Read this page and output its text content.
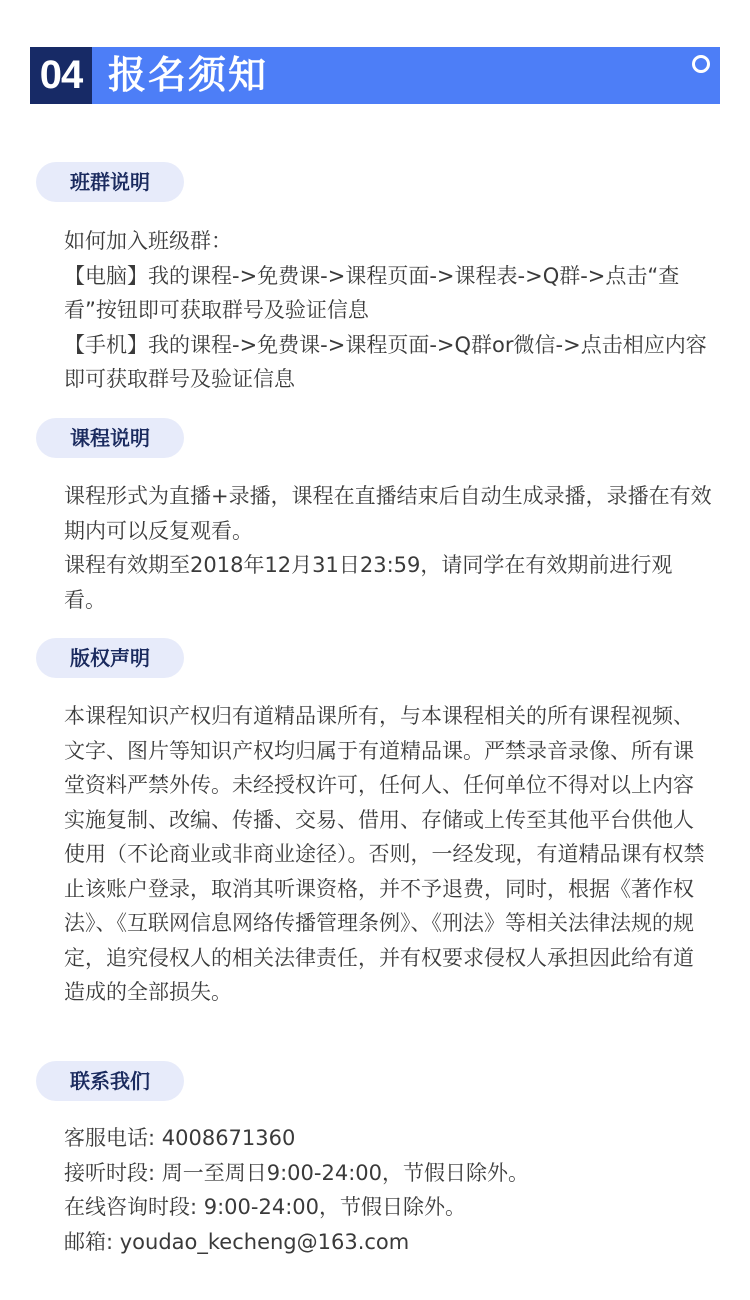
04 报名须知
班群说明

如何加入班级群：

【电脑】我的课程->免费课->课程页面->课程表->Q群->点击“查看”按钮即可获取群号及验证信息

【手机】我的课程->免费课->课程页面->Q群or微信->点击相应内容即可获取群号及验证信息

课程说明

课程形式为直播+录播，课程在直播结束后自动生成录播，录播在有效期内可以反复观看。

课程有效期至2018年12月31日23:59，请同学在有效期前进行观看。

版权声明

本课程知识产权归有道精品课所有，与本课程相关的所有课程视频、文字、图片等知识产权均归属于有道精品课。严禁录音录像、所有课堂资料严禁外传。未经授权许可，任何人、任何单位不得对以上内容实施复制、改编、传播、交易、借用、存储或上传至其他平台供他人使用（不论商业或非商业途径）。否则，一经发现，有道精品课有权禁止该账户登录，取消其听课资格，并不予退费，同时，根据《著作权法》、《互联网信息网络传播管理条例》、《刑法》等相关法律法规的规定，追究侵权人的相关法律责任，并有权要求侵权人承担因此给有道造成的全部损失。

联系我们

客服电话: 4008671360

接听时段: 周一至周日9:00-24:00，节假日除外。

在线咨询时段: 9:00-24:00，节假日除外。

邮箱: youdao_kecheng@163.com
